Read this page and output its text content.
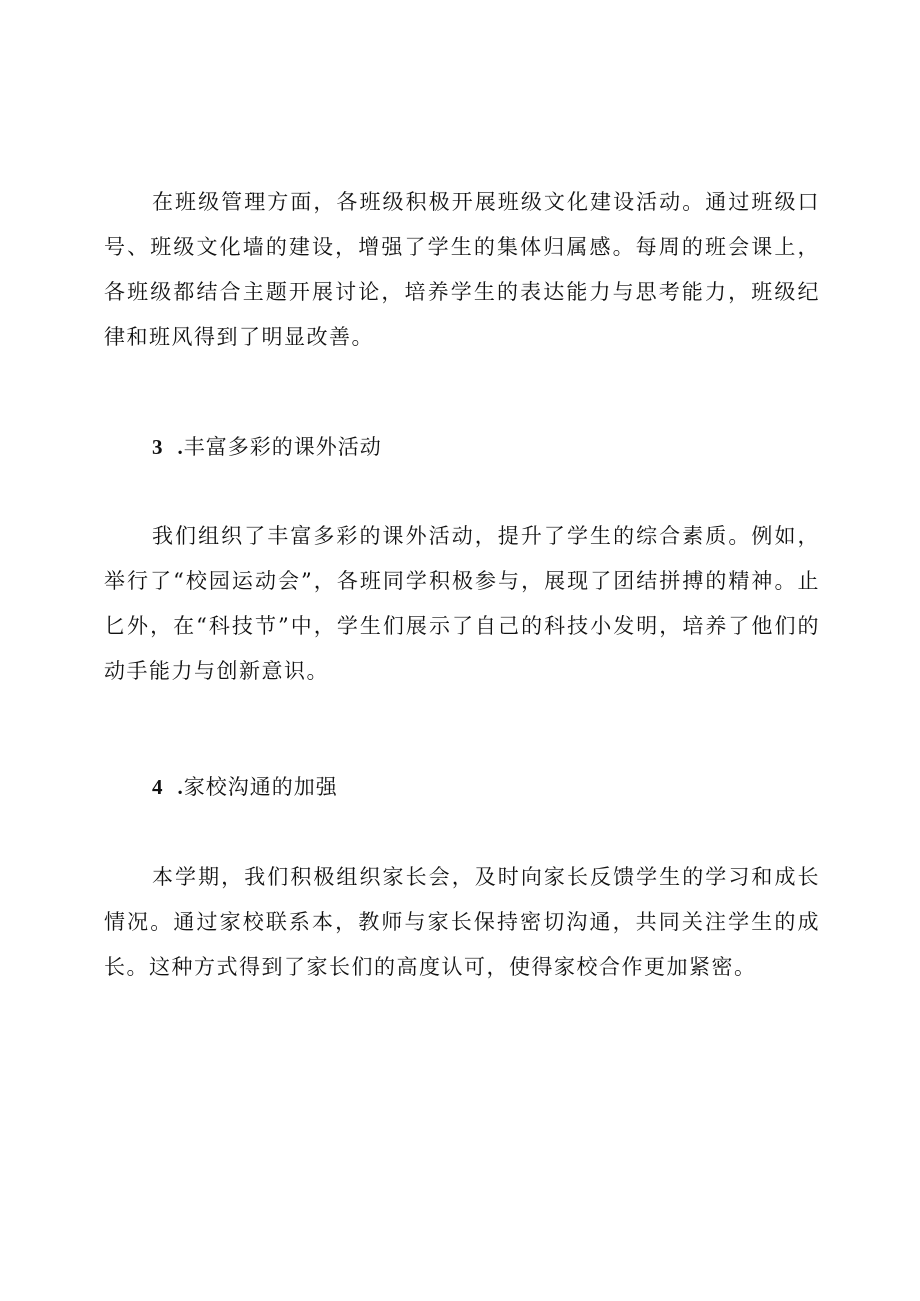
在班级管理方面，各班级积极开展班级文化建设活动。通过班级口号、班级文化墙的建设，增强了学生的集体归属感。每周的班会课上，各班级都结合主题开展讨论，培养学生的表达能力与思考能力，班级纪律和班风得到了明显改善。

3 .丰富多彩的课外活动

我们组织了丰富多彩的课外活动，提升了学生的综合素质。例如，举行了“校园运动会”，各班同学积极参与，展现了团结拼搏的精神。止匕外，在“科技节”中，学生们展示了自己的科技小发明，培养了他们的动手能力与创新意识。

4 .家校沟通的加强

本学期，我们积极组织家长会，及时向家长反馈学生的学习和成长情况。通过家校联系本，教师与家长保持密切沟通，共同关注学生的成长。这种方式得到了家长们的高度认可，使得家校合作更加紧密。
